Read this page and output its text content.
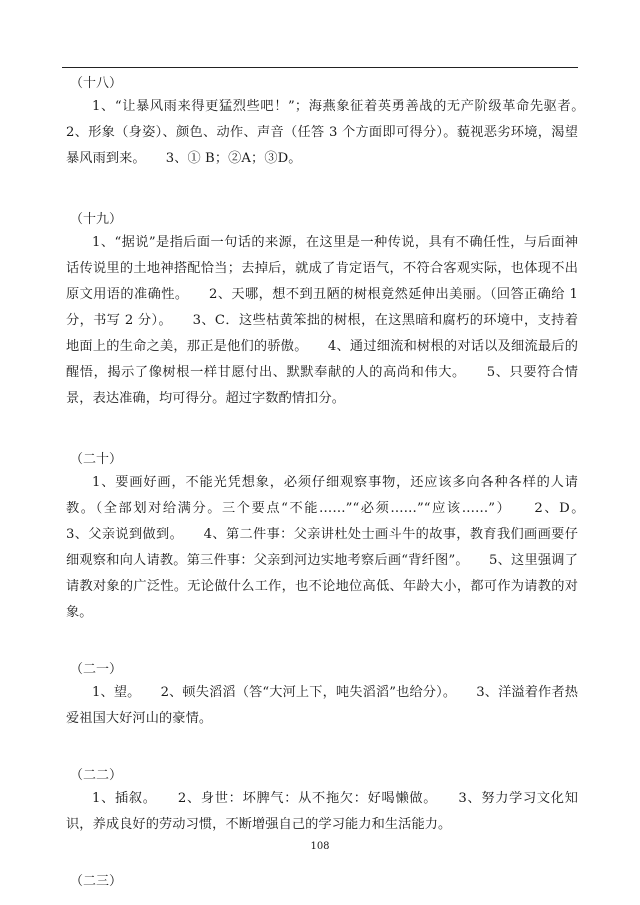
（十八）

1、“让暴风雨来得更猛烈些吧！”；海燕象征着英勇善战的无产阶级革命先驱者。　　2、形象（身姿）、颜色、动作、声音（任答 3 个方面即可得分）。藐视恶劣环境，渴望暴风雨到来。　　3、① B；②A；③D。

（十九）

1、“据说”是指后面一句话的来源，在这里是一种传说，具有不确任性，与后面神话传说里的土地神搭配恰当；去掉后，就成了肯定语气，不符合客观实际，也体现不出原文用语的准确性。　　2、天哪，想不到丑陋的树根竟然延伸出美丽。（回答正确给 1 分，书写 2 分）。　　3、C．这些枯黄笨拙的树根，在这黑暗和腐朽的环境中，支持着地面上的生命之美，那正是他们的骄傲。　　4、通过细流和树根的对话以及细流最后的醒悟，揭示了像树根一样甘愿付出、默默奉献的人的高尚和伟大。　　5、只要符合情景，表达准确，均可得分。超过字数酌情扣分。

（二十）

1、要画好画，不能光凭想象，必须仔细观察事物，还应该多向各种各样的人请教。（全部划对给满分。三个要点“不能……”“必须……”“应该……”）　　2、D。　　3、父亲说到做到。　　4、第二件事：父亲讲杜处士画斗牛的故事，教育我们画画要仔细观察和向人请教。第三件事：父亲到河边实地考察后画“背纤图”。　　5、这里强调了请教对象的广泛性。无论做什么工作，也不论地位高低、年龄大小，都可作为请教的对象。

（二一）

1、望。　　2、顿失滔滔（答“大河上下，吨失滔滔”也给分）。　　3、洋溢着作者热爱祖国大好河山的豪情。

（二二）

1、插叙。　　2、身世：坏脾气：从不拖欠：好喝懒做。　　3、努力学习文化知识，养成良好的劳动习惯，不断增强自己的学习能力和生活能力。

（二三）

108
